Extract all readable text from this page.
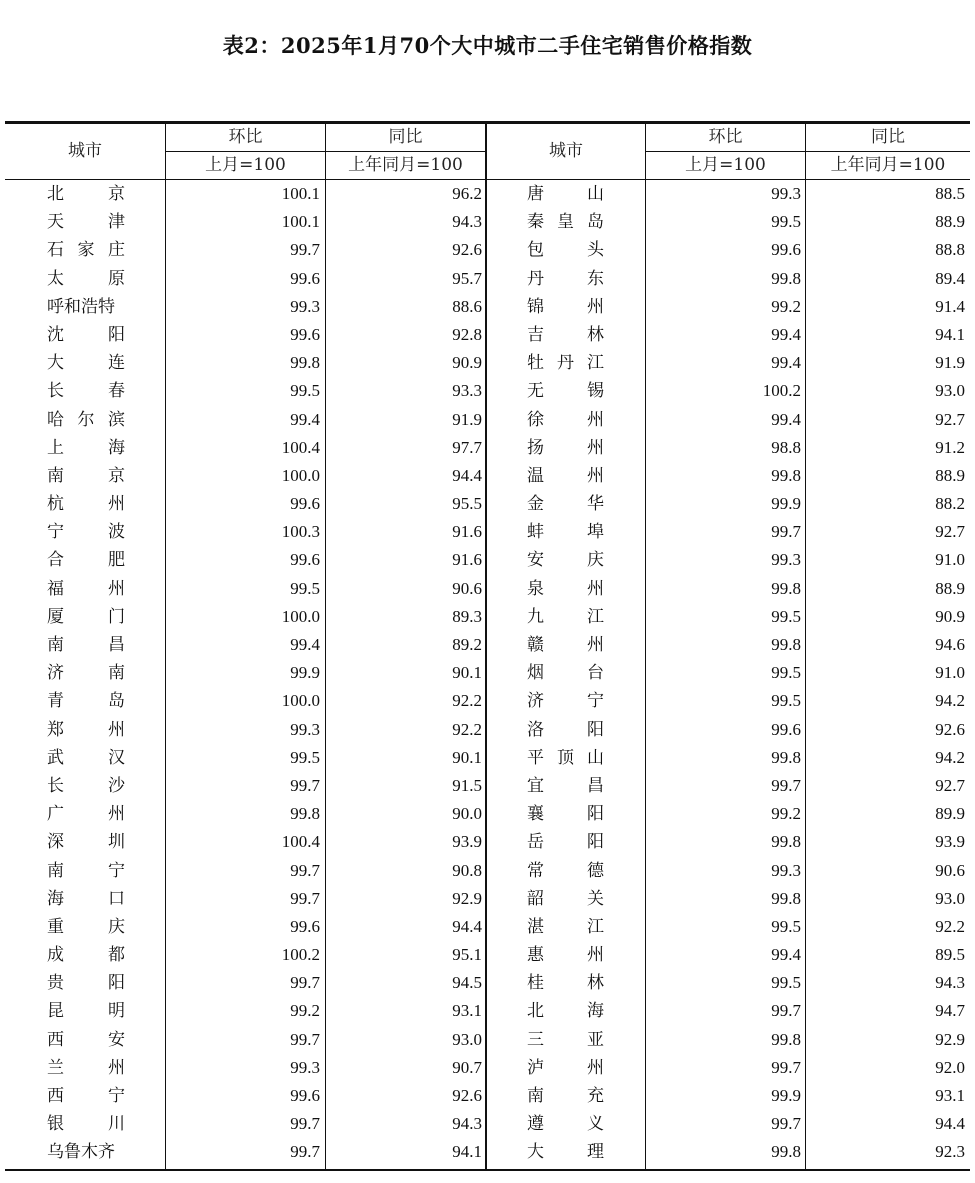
表2：2025年1月70个大中城市二手住宅销售价格指数
城市
环比	同比
上月=100	上年同月=100
城市
环比	同比
上月=100	上年同月=100
北	京	100.1	96.2	唐	山	99.3	88.5
天	津	100.1	94.3	秦 皇 岛	99.5	88.9
石 家 庄	99.7	92.6	包	头	99.6	88.8
太	原	99.6	95.7	丹	东	99.8	89.4
呼和浩特	99.3	88.6	锦	州	99.2	91.4
沈	阳	99.6	92.8	吉	林	99.4	94.1
大	连	99.8	90.9	牡 丹 江	99.4	91.9
长	春	99.5	93.3	无	锡	100.2	93.0
哈 尔 滨	99.4	91.9	徐	州	99.4	92.7
上	海	100.4	97.7	扬	州	98.8	91.2
南	京	100.0	94.4	温	州	99.8	88.9
杭	州	99.6	95.5	金	华	99.9	88.2
宁	波	100.3	91.6	蚌	埠	99.7	92.7
合	肥	99.6	91.6	安	庆	99.3	91.0
福	州	99.5	90.6	泉	州	99.8	88.9
厦	门	100.0	89.3	九	江	99.5	90.9
南	昌	99.4	89.2	赣	州	99.8	94.6
济	南	99.9	90.1	烟	台	99.5	91.0
青	岛	100.0	92.2	济	宁	99.5	94.2
郑	州	99.3	92.2	洛	阳	99.6	92.6
武	汉	99.5	90.1	平 顶 山	99.8	94.2
长	沙	99.7	91.5	宜	昌	99.7	92.7
广	州	99.8	90.0	襄	阳	99.2	89.9
深	圳	100.4	93.9	岳	阳	99.8	93.9
南	宁	99.7	90.8	常	德	99.3	90.6
海	口	99.7	92.9	韶	关	99.8	93.0
重	庆	99.6	94.4	湛	江	99.5	92.2
成	都	100.2	95.1	惠	州	99.4	89.5
贵	阳	99.7	94.5	桂	林	99.5	94.3
昆	明	99.2	93.1	北	海	99.7	94.7
西	安	99.7	93.0	三	亚	99.8	92.9
兰	州	99.3	90.7	泸	州	99.7	92.0
西	宁	99.6	92.6	南	充	99.9	93.1
银	川	99.7	94.3	遵	义	99.7	94.4
乌鲁木齐	99.7	94.1	大	理	99.8	92.3
